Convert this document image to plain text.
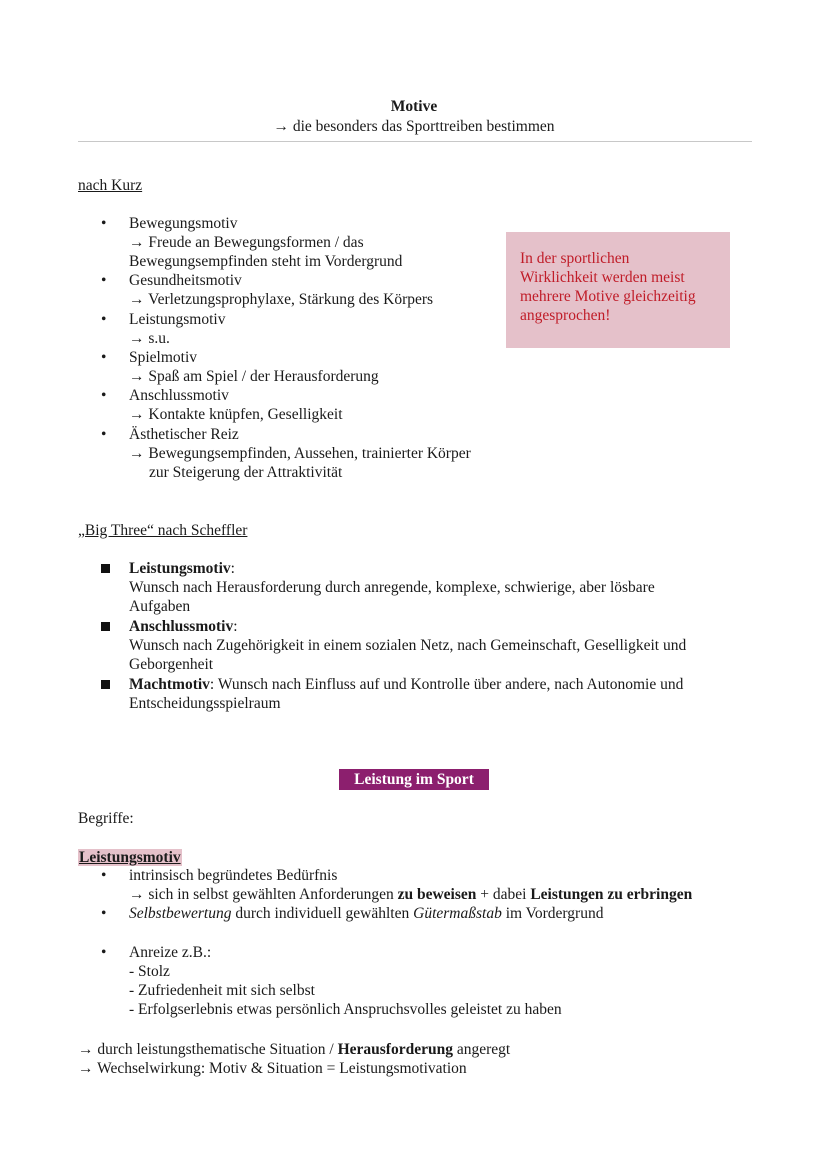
Motive
→ die besonders das Sporttreiben bestimmen
nach Kurz
• Bewegungsmotiv
→ Freude an Bewegungsformen / das
Bewegungsempfinden steht im Vordergrund
• Gesundheitsmotiv
→ Verletzungsprophylaxe, Stärkung des Körpers
• Leistungsmotiv
→ s.u.
• Spielmotiv
→ Spaß am Spiel / der Herausforderung
• Anschlussmotiv
→ Kontakte knüpfen, Geselligkeit
• Ästhetischer Reiz
→ Bewegungsempfinden, Aussehen, trainierter Körper
zur Steigerung der Attraktivität
In der sportlichen
Wirklichkeit werden meist
mehrere Motive gleichzeitig
angesprochen!
„Big Three“ nach Scheffler
Leistungsmotiv:
Wunsch nach Herausforderung durch anregende, komplexe, schwierige, aber lösbare
Aufgaben
Anschlussmotiv:
Wunsch nach Zugehörigkeit in einem sozialen Netz, nach Gemeinschaft, Geselligkeit und
Geborgenheit
Machtmotiv: Wunsch nach Einfluss auf und Kontrolle über andere, nach Autonomie und
Entscheidungsspielraum
Leistung im Sport
Begriffe:
Leistungsmotiv
• intrinsisch begründetes Bedürfnis
→ sich in selbst gewählten Anforderungen zu beweisen + dabei Leistungen zu erbringen
• Selbstbewertung durch individuell gewählten Gütermaßstab im Vordergrund
• Anreize z.B.:
- Stolz
- Zufriedenheit mit sich selbst
- Erfolgserlebnis etwas persönlich Anspruchsvolles geleistet zu haben
→ durch leistungsthematische Situation / Herausforderung angeregt
→ Wechselwirkung: Motiv & Situation = Leistungsmotivation
